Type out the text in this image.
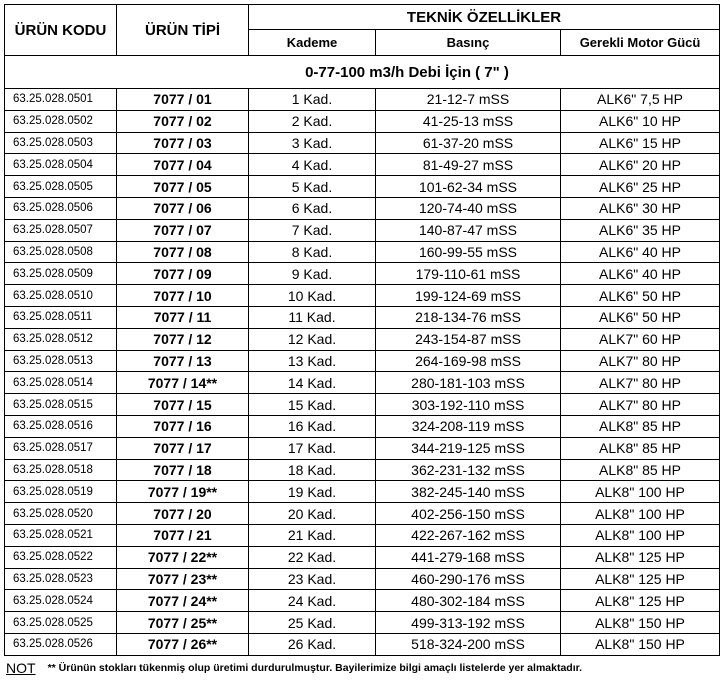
ÜRÜN KODU	ÜRÜN TİPİ	TEKNİK ÖZELLİKLER		
		Kademe	Basınç	Gerekli Motor Gücü
0-77-100 m3/h Debi İçin ( 7" )				
63.25.028.0501	7077 / 01	1 Kad.	21-12-7 mSS	ALK6" 7,5 HP
63.25.028.0502	7077 / 02	2 Kad.	41-25-13 mSS	ALK6" 10 HP
63.25.028.0503	7077 / 03	3 Kad.	61-37-20 mSS	ALK6" 15 HP
63.25.028.0504	7077 / 04	4 Kad.	81-49-27 mSS	ALK6" 20 HP
63.25.028.0505	7077 / 05	5 Kad.	101-62-34 mSS	ALK6" 25 HP
63.25.028.0506	7077 / 06	6 Kad.	120-74-40 mSS	ALK6" 30 HP
63.25.028.0507	7077 / 07	7 Kad.	140-87-47 mSS	ALK6" 35 HP
63.25.028.0508	7077 / 08	8 Kad.	160-99-55 mSS	ALK6" 40 HP
63.25.028.0509	7077 / 09	9 Kad.	179-110-61 mSS	ALK6" 40 HP
63.25.028.0510	7077 / 10	10 Kad.	199-124-69 mSS	ALK6" 50 HP
63.25.028.0511	7077 / 11	11 Kad.	218-134-76 mSS	ALK6" 50 HP
63.25.028.0512	7077 / 12	12 Kad.	243-154-87 mSS	ALK7" 60 HP
63.25.028.0513	7077 / 13	13 Kad.	264-169-98 mSS	ALK7" 80 HP
63.25.028.0514	7077 / 14**	14 Kad.	280-181-103 mSS	ALK7" 80 HP
63.25.028.0515	7077 / 15	15 Kad.	303-192-110 mSS	ALK7" 80 HP
63.25.028.0516	7077 / 16	16 Kad.	324-208-119 mSS	ALK8" 85 HP
63.25.028.0517	7077 / 17	17 Kad.	344-219-125 mSS	ALK8" 85 HP
63.25.028.0518	7077 / 18	18 Kad.	362-231-132 mSS	ALK8" 85 HP
63.25.028.0519	7077 / 19**	19 Kad.	382-245-140 mSS	ALK8" 100 HP
63.25.028.0520	7077 / 20	20 Kad.	402-256-150 mSS	ALK8" 100 HP
63.25.028.0521	7077 / 21	21 Kad.	422-267-162 mSS	ALK8" 100 HP
63.25.028.0522	7077 / 22**	22 Kad.	441-279-168 mSS	ALK8" 125 HP
63.25.028.0523	7077 / 23**	23 Kad.	460-290-176 mSS	ALK8" 125 HP
63.25.028.0524	7077 / 24**	24 Kad.	480-302-184 mSS	ALK8" 125 HP
63.25.028.0525	7077 / 25**	25 Kad.	499-313-192 mSS	ALK8" 150 HP
63.25.028.0526	7077 / 26**	26 Kad.	518-324-200 mSS	ALK8" 150 HP
NOT ** Ürünün stokları tükenmiş olup üretimi durdurulmuştur. Bayilerimize bilgi amaçlı listelerde yer almaktadır.
